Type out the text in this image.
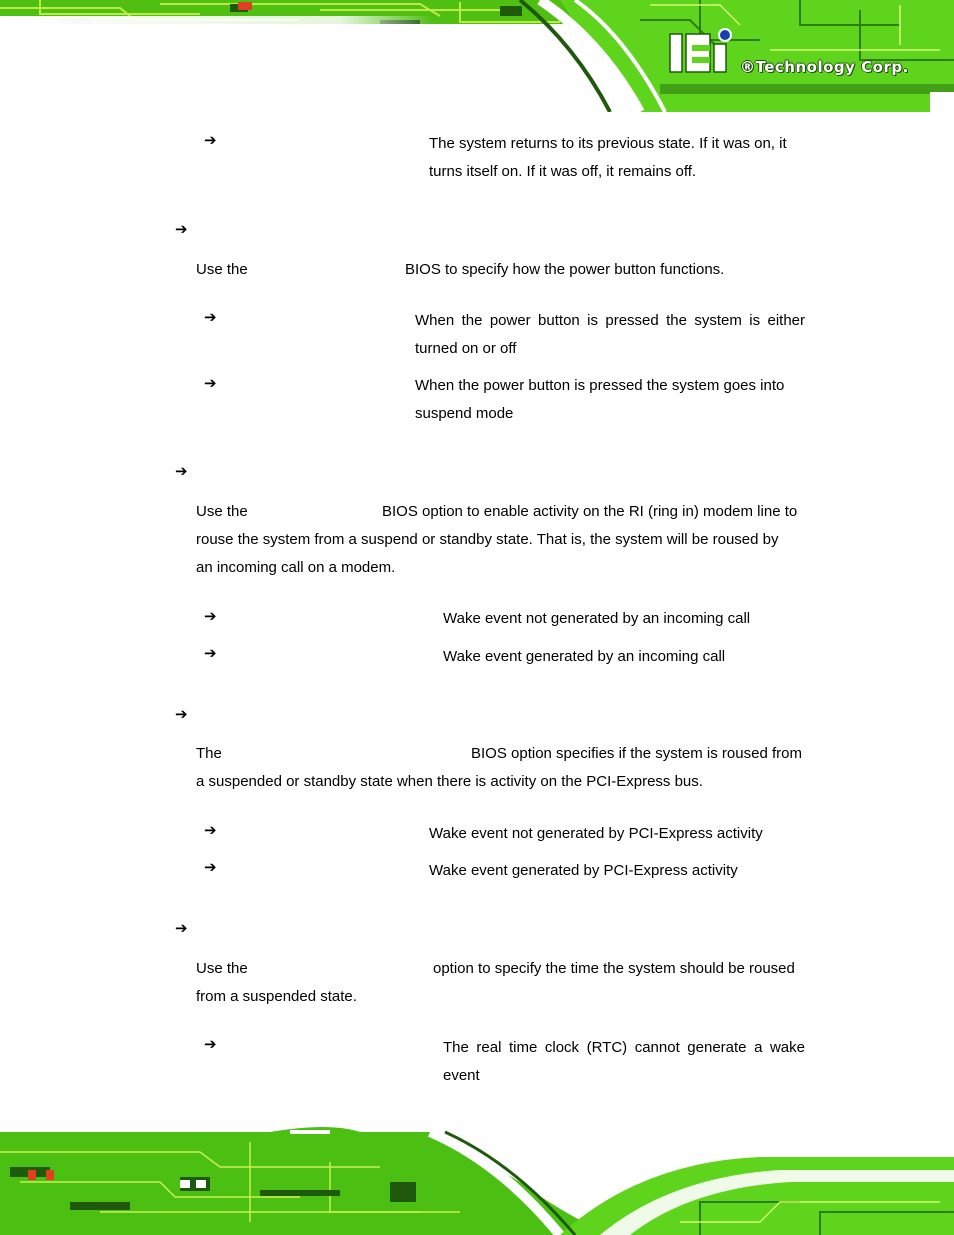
®Technology Corp.
➔	The system returns to its previous state. If it was on, it
turns itself on. If it was off, it remains off.
➔
Use the	BIOS to specify how the power button functions.
➔	When the power button is pressed the system is either
turned on or off
➔	When the power button is pressed the system goes into
suspend mode
➔
Use the	BIOS option to enable activity on the RI (ring in) modem line to
rouse the system from a suspend or standby state. That is, the system will be roused by
an incoming call on a modem.
➔	Wake event not generated by an incoming call
➔	Wake event generated by an incoming call
➔
The	BIOS option specifies if the system is roused from
a suspended or standby state when there is activity on the PCI-Express bus.
➔	Wake event not generated by PCI-Express activity
➔	Wake event generated by PCI-Express activity
➔
Use the	option to specify the time the system should be roused
from a suspended state.
➔	The real time clock (RTC) cannot generate a wake
event
